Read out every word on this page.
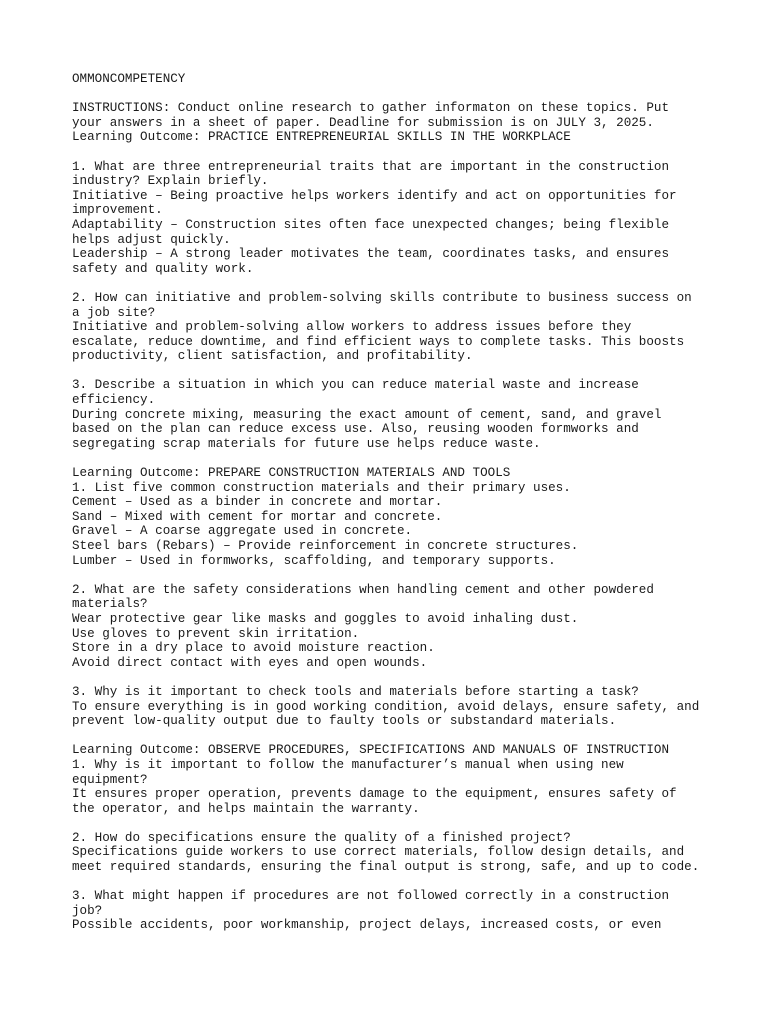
OMMONCOMPETENCY
INSTRUCTIONS: Conduct online research to gather informaton on these topics. Put
your answers in a sheet of paper. Deadline for submission is on JULY 3, 2025.
Learning Outcome: PRACTICE ENTREPRENEURIAL SKILLS IN THE WORKPLACE
1. What are three entrepreneurial traits that are important in the construction
industry? Explain briefly.
Initiative – Being proactive helps workers identify and act on opportunities for
improvement.
Adaptability – Construction sites often face unexpected changes; being flexible
helps adjust quickly.
Leadership – A strong leader motivates the team, coordinates tasks, and ensures
safety and quality work.
2. How can initiative and problem-solving skills contribute to business success on
a job site?
Initiative and problem-solving allow workers to address issues before they
escalate, reduce downtime, and find efficient ways to complete tasks. This boosts
productivity, client satisfaction, and profitability.
3. Describe a situation in which you can reduce material waste and increase
efficiency.
During concrete mixing, measuring the exact amount of cement, sand, and gravel
based on the plan can reduce excess use. Also, reusing wooden formworks and
segregating scrap materials for future use helps reduce waste.
Learning Outcome: PREPARE CONSTRUCTION MATERIALS AND TOOLS
1. List five common construction materials and their primary uses.
Cement – Used as a binder in concrete and mortar.
Sand – Mixed with cement for mortar and concrete.
Gravel – A coarse aggregate used in concrete.
Steel bars (Rebars) – Provide reinforcement in concrete structures.
Lumber – Used in formworks, scaffolding, and temporary supports.
2. What are the safety considerations when handling cement and other powdered
materials?
Wear protective gear like masks and goggles to avoid inhaling dust.
Use gloves to prevent skin irritation.
Store in a dry place to avoid moisture reaction.
Avoid direct contact with eyes and open wounds.
3. Why is it important to check tools and materials before starting a task?
To ensure everything is in good working condition, avoid delays, ensure safety, and
prevent low-quality output due to faulty tools or substandard materials.
Learning Outcome: OBSERVE PROCEDURES, SPECIFICATIONS AND MANUALS OF INSTRUCTION
1. Why is it important to follow the manufacturer’s manual when using new
equipment?
It ensures proper operation, prevents damage to the equipment, ensures safety of
the operator, and helps maintain the warranty.
2. How do specifications ensure the quality of a finished project?
Specifications guide workers to use correct materials, follow design details, and
meet required standards, ensuring the final output is strong, safe, and up to code.
3. What might happen if procedures are not followed correctly in a construction
job?
Possible accidents, poor workmanship, project delays, increased costs, or even
